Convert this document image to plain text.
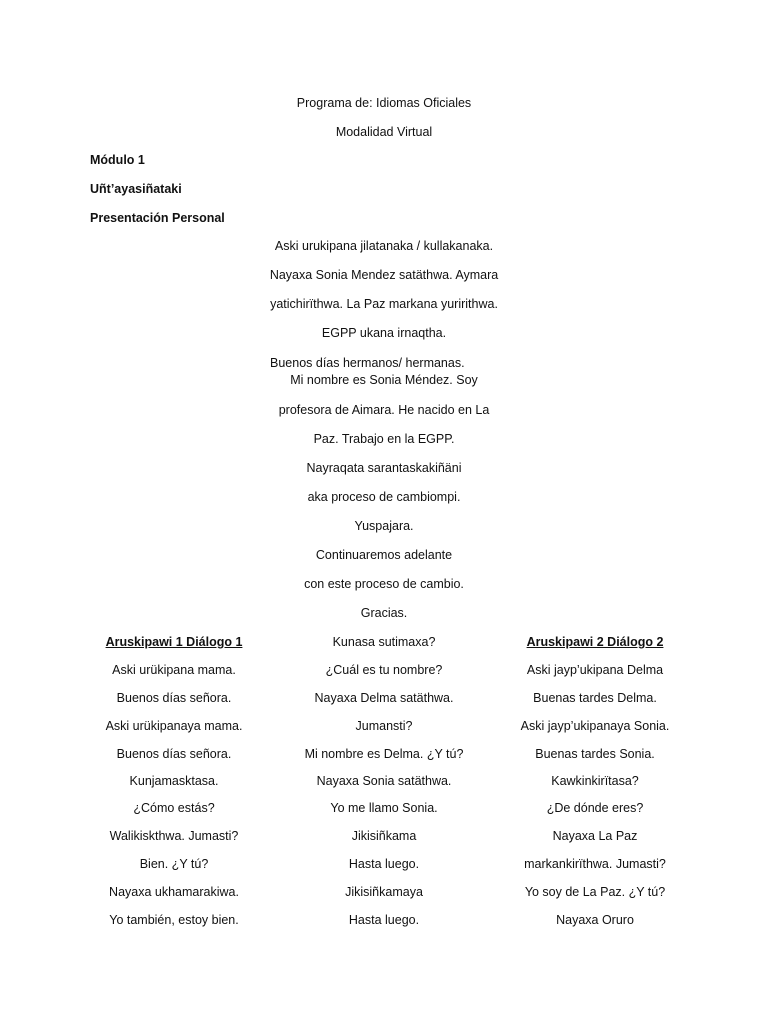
Programa de: Idiomas Oficiales
Modalidad Virtual
Módulo 1
Uñt’ayasiñataki
Presentación Personal
Aski urukipana jilatanaka / kullakanaka.
Nayaxa Sonia Mendez satäthwa. Aymara
yatichirïthwa. La Paz markana yuririthwa.
EGPP ukana irnaqtha.
Buenos días hermanos/ hermanas.
Mi nombre es Sonia Méndez. Soy
profesora de Aimara. He nacido en La
Paz. Trabajo en la EGPP.
Nayraqata sarantaskakiñäni
aka proceso de cambiompi.
Yuspajara.
Continuaremos adelante
con este proceso de cambio.
Gracias.
Aruskipawi 1 Diálogo 1
Aski urükipana mama.
Buenos días señora.
Aski urükipanaya mama.
Buenos días señora.
Kunjamasktasa.
¿Cómo estás?
Walikiskthwa. Jumasti?
Bien. ¿Y tú?
Nayaxa ukhamarakiwa.
Yo también, estoy bien.
Kunasa sutimaxa?
¿Cuál es tu nombre?
Nayaxa Delma satäthwa.
Jumansti?
Mi nombre es Delma. ¿Y tú?
Nayaxa Sonia satäthwa.
Yo me llamo Sonia.
Jikisiñkama
Hasta luego.
Jikisiñkamaya
Hasta luego.
Aruskipawi 2 Diálogo 2
Aski jayp’ukipana Delma
Buenas tardes Delma.
Aski jayp’ukipanaya Sonia.
Buenas tardes Sonia.
Kawkinkirïtasa?
¿De dónde eres?
Nayaxa La Paz
markankirïthwa. Jumasti?
Yo soy de La Paz. ¿Y tú?
Nayaxa Oruro
